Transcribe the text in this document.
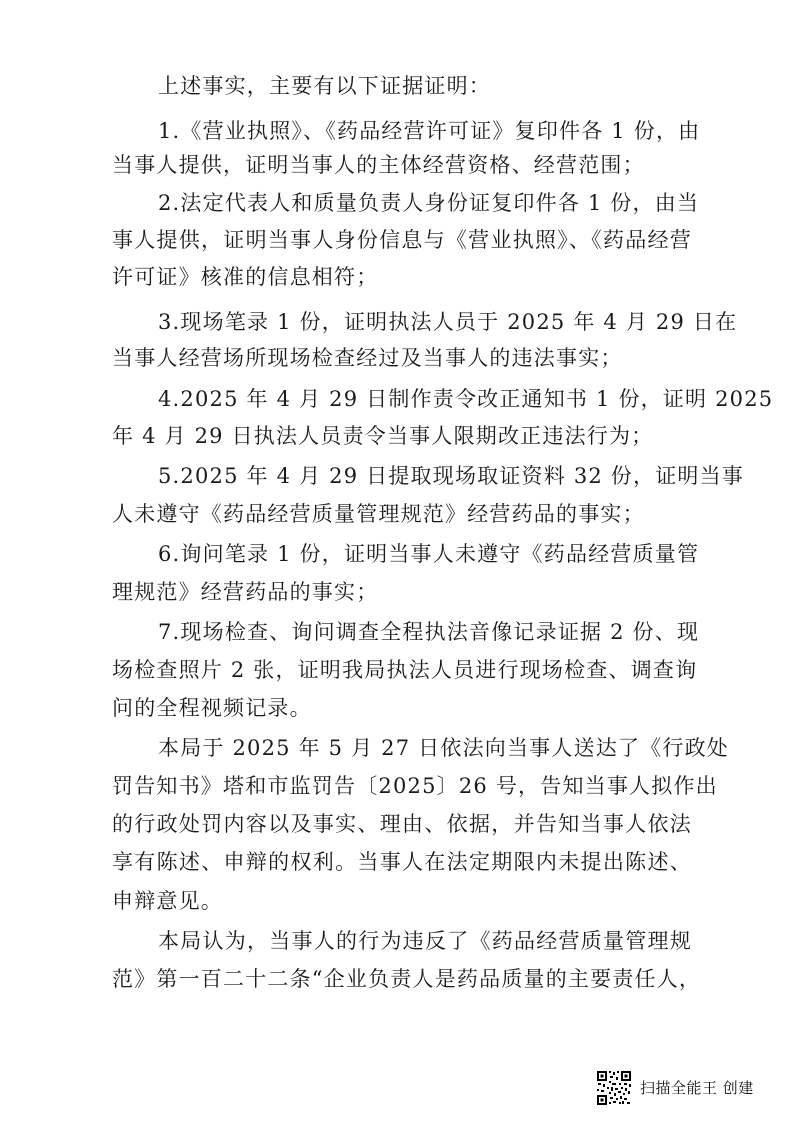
上述事实，主要有以下证据证明：
1.《营业执照》、《药品经营许可证》复印件各 1 份，由
当事人提供，证明当事人的主体经营资格、经营范围；
2.法定代表人和质量负责人身份证复印件各 1 份，由当
事人提供，证明当事人身份信息与《营业执照》、《药品经营
许可证》核准的信息相符；
3.现场笔录 1 份，证明执法人员于 2025 年 4 月 29 日在
当事人经营场所现场检查经过及当事人的违法事实；
4.2025 年 4 月 29 日制作责令改正通知书 1 份，证明 2025
年 4 月 29 日执法人员责令当事人限期改正违法行为；
5.2025 年 4 月 29 日提取现场取证资料 32 份，证明当事
人未遵守《药品经营质量管理规范》经营药品的事实；
6.询问笔录 1 份，证明当事人未遵守《药品经营质量管
理规范》经营药品的事实；
7.现场检查、询问调查全程执法音像记录证据 2 份、现
场检查照片 2 张，证明我局执法人员进行现场检查、调查询
问的全程视频记录。
本局于 2025 年 5 月 27 日依法向当事人送达了《行政处
罚告知书》塔和市监罚告〔2025〕26 号，告知当事人拟作出
的行政处罚内容以及事实、理由、依据，并告知当事人依法
享有陈述、申辩的权利。当事人在法定期限内未提出陈述、
申辩意见。
本局认为，当事人的行为违反了《药品经营质量管理规
范》第一百二十二条“企业负责人是药品质量的主要责任人，
扫描全能王 创建
